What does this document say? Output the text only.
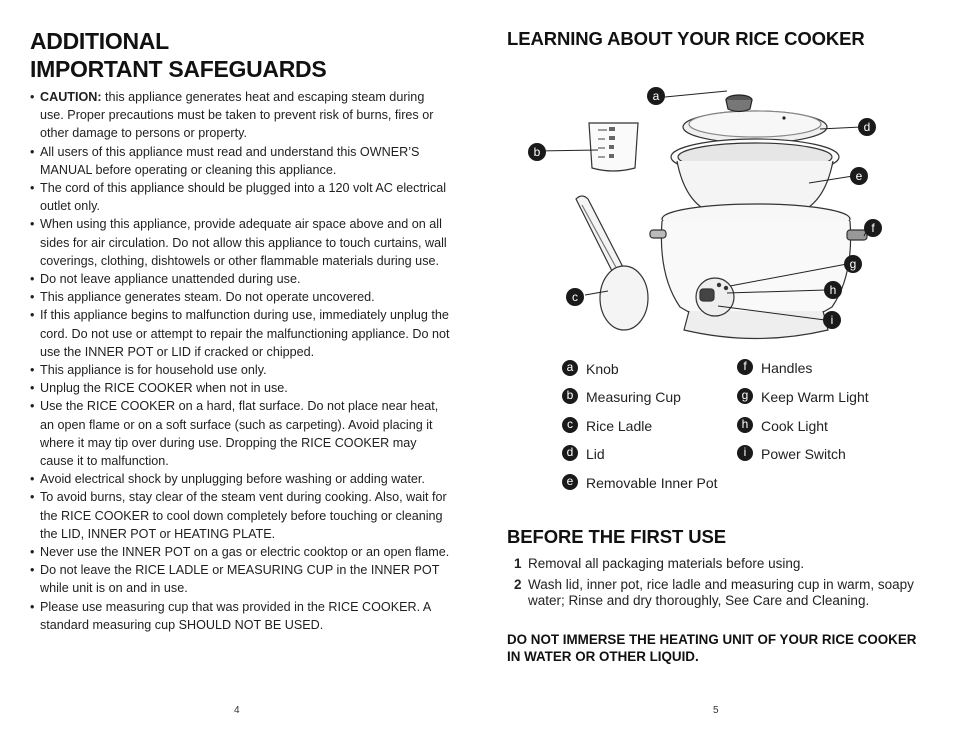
ADDITIONAL
IMPORTANT SAFEGUARDS
• CAUTION: this appliance generates heat and escaping steam during use. Proper precautions must be taken to prevent risk of burns, fires or other damage to persons or property.
• All users of this appliance must read and understand this OWNER’S MANUAL before operating or cleaning this appliance.
• The cord of this appliance should be plugged into a 120 volt AC electrical outlet only.
• When using this appliance, provide adequate air space above and on all sides for air circulation. Do not allow this appliance to touch curtains, wall coverings, clothing, dishtowels or other flammable materials during use.
• Do not leave appliance unattended during use.
• This appliance generates steam. Do not operate uncovered.
• If this appliance begins to malfunction during use, immediately unplug the cord. Do not use or attempt to repair the malfunctioning appliance. Do not use the INNER POT or LID if cracked or chipped.
• This appliance is for household use only.
• Unplug the RICE COOKER when not in use.
• Use the RICE COOKER on a hard, flat surface. Do not place near heat, an open flame or on a soft surface (such as carpeting). Avoid placing it where it may tip over during use. Dropping the RICE COOKER may cause it to malfunction.
• Avoid electrical shock by unplugging before washing or adding water.
• To avoid burns, stay clear of the steam vent during cooking. Also, wait for the RICE COOKER to cool down completely before touching or cleaning the LID, INNER POT or HEATING PLATE.
• Never use the INNER POT on a gas or electric cooktop or an open flame.
• Do not leave the RICE LADLE or MEASURING CUP in the INNER POT while unit is on and in use.
• Please use measuring cup that was provided in the RICE COOKER. A standard measuring cup SHOULD NOT BE USED.
4
LEARNING ABOUT YOUR RICE COOKER
a
b
c
d
e
f
g
h
i
a Knob
b Measuring Cup
c Rice Ladle
d Lid
e Removable Inner Pot
f Handles
g Keep Warm Light
h Cook Light
i Power Switch
BEFORE THE FIRST USE
1 Removal all packaging materials before using.
2 Wash lid, inner pot, rice ladle and measuring cup in warm, soapy water; Rinse and dry thoroughly, See Care and Cleaning.

DO NOT IMMERSE THE HEATING UNIT OF YOUR RICE COOKER IN WATER OR OTHER LIQUID.

5
